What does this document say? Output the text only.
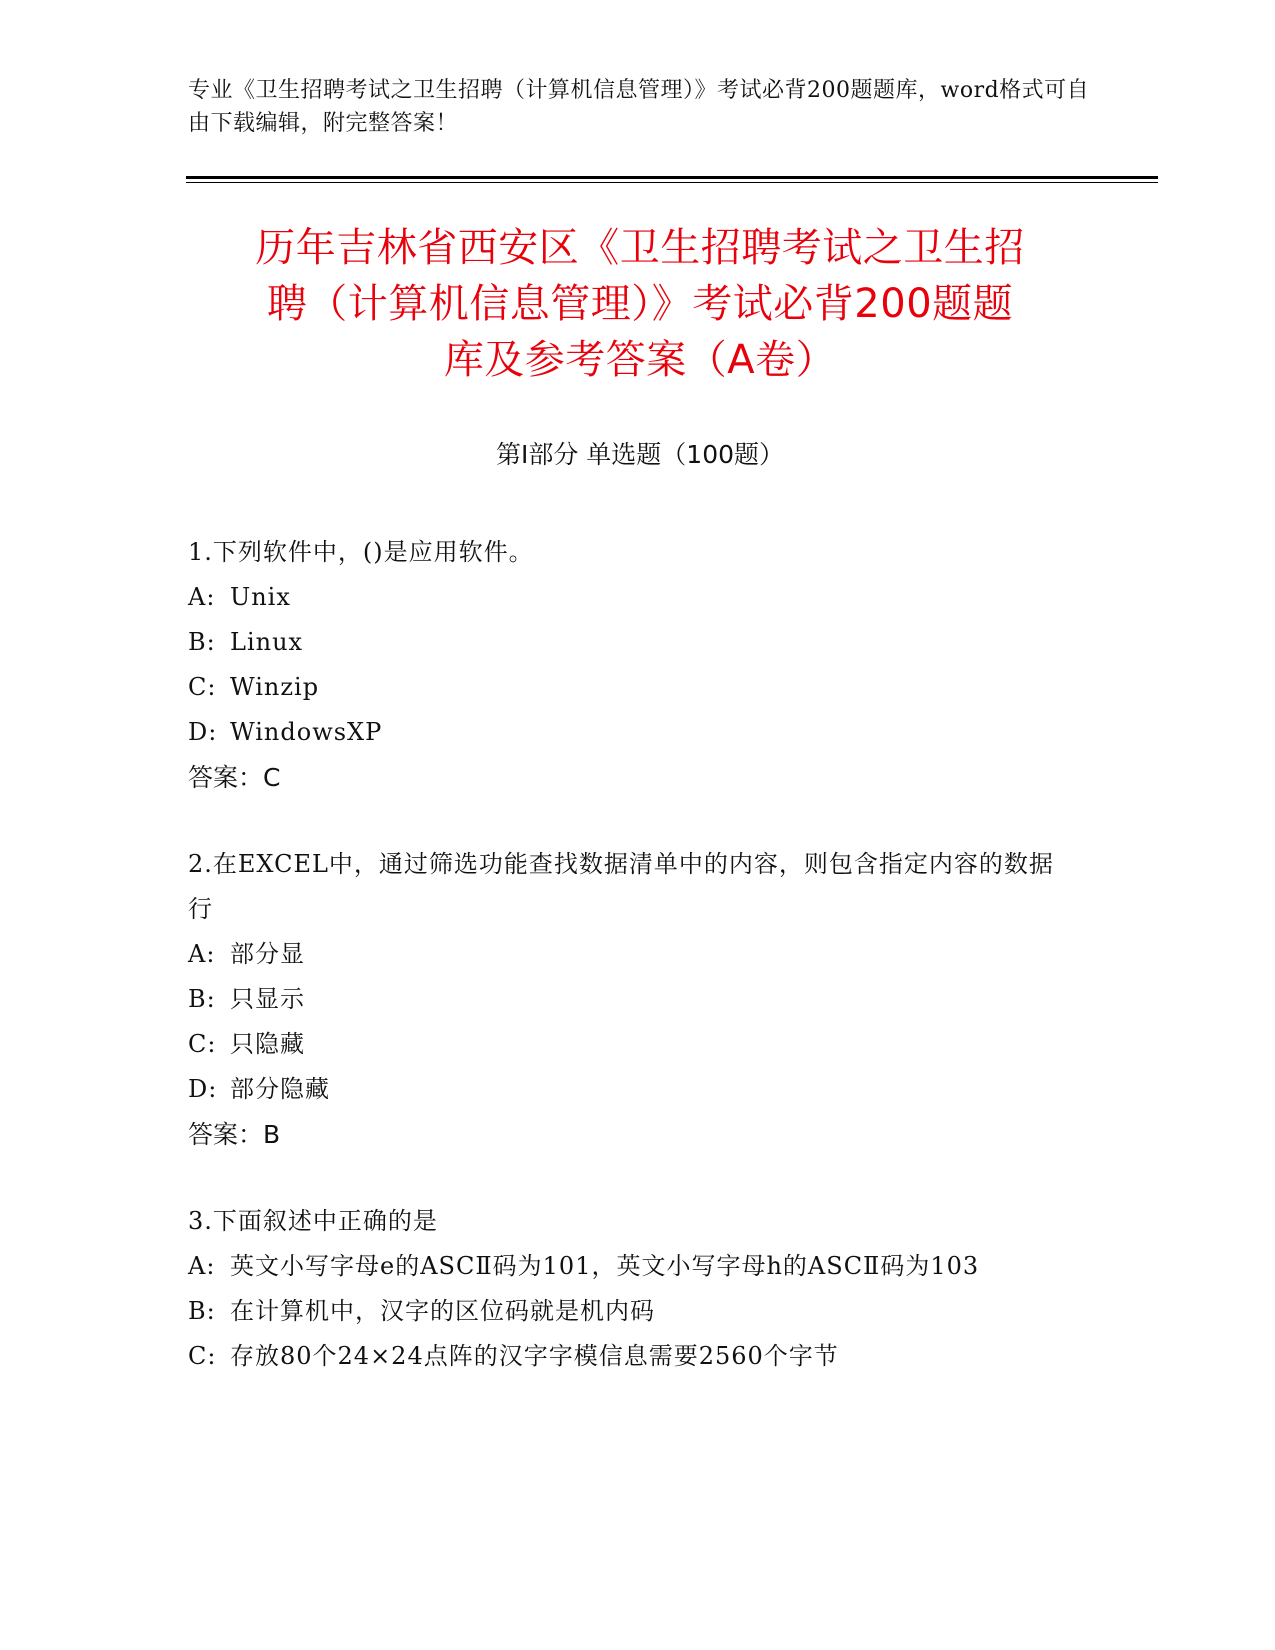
专业《卫生招聘考试之卫生招聘（计算机信息管理）》考试必背200题题库，word格式可自由下载编辑，附完整答案！
历年吉林省西安区《卫生招聘考试之卫生招
聘（计算机信息管理）》考试必背200题题
库及参考答案（A卷）
第Ⅰ部分 单选题（100题）
1.下列软件中，()是应用软件。
A: Unix
B: Linux
C: Winzip
D: WindowsXP
答案：C
2.在EXCEL中，通过筛选功能查找数据清单中的内容，则包含指定内容的数据行
A: 部分显
B: 只显示
C: 只隐藏
D: 部分隐藏
答案：B
3.下面叙述中正确的是
A: 英文小写字母e的ASCⅡ码为101，英文小写字母h的ASCⅡ码为103
B: 在计算机中，汉字的区位码就是机内码
C: 存放80个24×24点阵的汉字字模信息需要2560个字节
